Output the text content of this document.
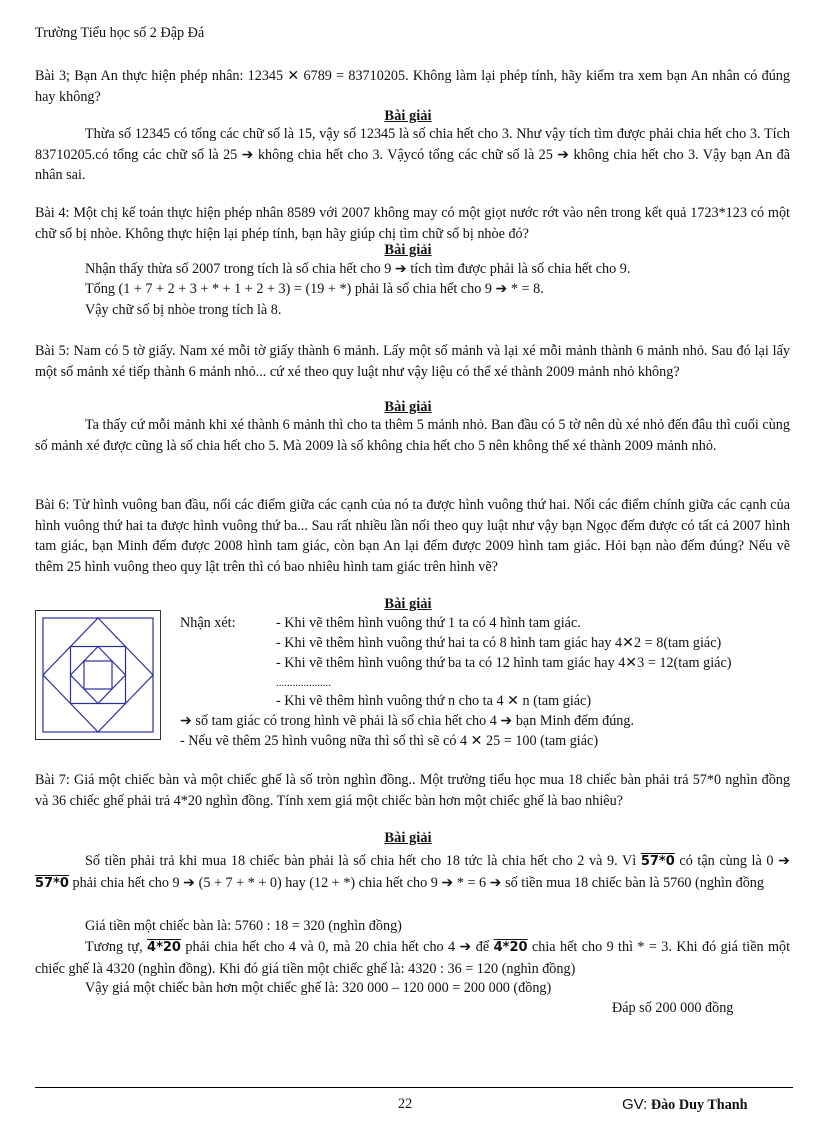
Trường Tiểu học số 2 Đập Đá
Bài 3; Bạn An thực hiện phép nhân: 12345 ✕ 6789 = 83710205. Không làm lại phép tính, hãy kiểm tra xem bạn An nhân có đúng hay không?
Bài giải
Thừa số 12345 có tổng các chữ số là 15, vậy số 12345 là số chia hết cho 3. Như vậy tích tìm được phải chia hết cho 3. Tích 83710205.có tổng các chữ số là 25 ➔ không chia hết cho 3. Vậycó tổng các chữ số là 25 ➔ không chia hết cho 3. Vậy bạn An đã nhân sai.
Bài 4: Một chị kế toán thực hiện phép nhân 8589 với 2007 không may có một giọt nước rớt vào nên trong kết quả 1723*123 có một chữ số bị nhòe. Không thực hiện lại phép tính, bạn hãy giúp chị tìm chữ số bị nhòe đó?
Bài giải
Nhận thấy thừa số 2007 trong tích là số chia hết cho 9 ➔ tích tìm được phải là số chia hết cho 9.
Tổng (1 + 7 + 2 + 3 + * + 1 + 2 + 3) = (19 + *) phải là số chia hết cho 9 ➔ * = 8.
Vậy chữ số bị nhòe trong tích là 8.
Bài 5: Nam có 5 tờ giấy. Nam xé mỗi tờ giấy thành 6 mảnh. Lấy một số mảnh và lại xé mỗi mảnh thành 6 mảnh nhỏ. Sau đó lại lấy một số mảnh xé tiếp thành 6 mảnh nhỏ... cứ xé theo quy luật như vậy liệu có thể xé thành 2009 mảnh nhỏ không?
Bài giải
Ta thấy cứ mỗi mảnh khi xé thành 6 mảnh thì cho ta thêm 5 mảnh nhỏ. Ban đầu có 5 tờ nên dù xé nhỏ đến đâu thì cuối cùng số mảnh xé được cũng là số chia hết cho 5. Mà 2009 là số không chia hết cho 5 nên không thể xé thành 2009 mảnh nhỏ.
Bài 6: Từ hình vuông ban đầu, nối các điểm giữa các cạnh của nó ta được hình vuông thứ hai. Nối các điểm chính giữa các cạnh của hình vuông thứ hai ta được hình vuông thứ ba... Sau rất nhiều lần nối theo quy luật như vậy bạn Ngọc đếm được có tất cả 2007 hình tam giác, bạn Minh đếm được 2008 hình tam giác, còn bạn An lại đếm được 2009 hình tam giác. Hỏi bạn nào đếm đúng? Nếu vẽ thêm 25 hình vuông theo quy lật trên thì có bao nhiêu hình tam giác trên hình vẽ?
Bài giải
Nhận xét:	- Khi vẽ thêm hình vuông thứ 1 ta có 4 hình tam giác.
- Khi vẽ thêm hình vuông thứ hai ta có 8 hình tam giác hay 4✕2 = 8(tam giác)
- Khi vẽ thêm hình vuông thứ ba ta có 12 hình tam giác hay 4✕3 = 12(tam giác)
....................
- Khi vẽ thêm hình vuông thứ n cho ta 4 ✕ n (tam giác)
➔ số tam giác có trong hình vẽ phải là số chia hết cho 4 ➔ bạn Minh đếm đúng.
- Nếu vẽ thêm 25 hình vuông nữa thì số thì sẽ có 4 ✕ 25 = 100 (tam giác)
Bài 7: Giá một chiếc bàn và một chiếc ghế là số tròn nghìn đồng.. Một trường tiểu học mua 18 chiếc bàn phải trả 57*0 nghìn đồng và 36 chiếc ghế phải trả 4*20 nghìn đồng. Tính xem giá một chiếc bàn hơn một chiếc ghế là bao nhiêu?
Bài giải
Số tiền phải trả khi mua 18 chiếc bàn phải là số chia hết cho 18 tức là chia hết cho 2 và 9. Vì 57*0 có tận cùng là 0 ➔ 57*0 phải chia hết cho 9 ➔ (5 + 7 + * + 0) hay (12 + *) chia hết cho 9 ➔ * = 6 ➔ số tiền mua 18 chiếc bàn là 5760 (nghìn đồng
Giá tiền một chiếc bàn là: 5760 : 18 = 320 (nghìn đồng)
Tương tự, 4*20 phải chia hết cho 4 và 0, mà 20 chia hết cho 4 ➔ để 4*20 chia hết cho 9 thì * = 3. Khi đó giá tiền một chiếc ghế là 4320 (nghìn đồng). Khi đó giá tiền một chiếc ghế là: 4320 : 36 = 120 (nghìn đồng)
Vậy giá một chiếc bàn hơn một chiếc ghế là: 320 000 – 120 000 = 200 000 (đồng)
Đáp số 200 000 đồng
22	GV: Đào Duy Thanh
